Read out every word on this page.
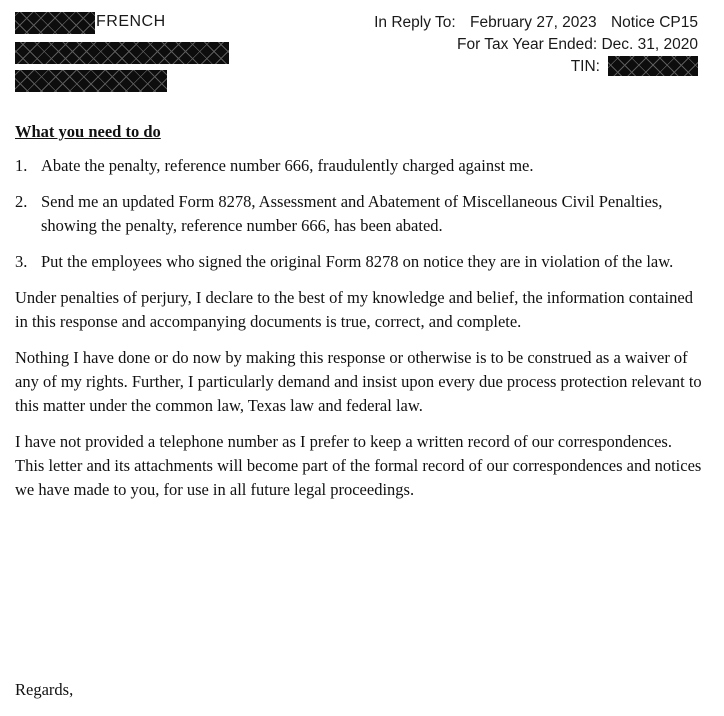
FRENCH	In Reply To: February 27, 2023 Notice CP15
For Tax Year Ended: Dec. 31, 2020
TIN:
What you need to do
1. Abate the penalty, reference number 666, fraudulently charged against me.
2. Send me an updated Form 8278, Assessment and Abatement of Miscellaneous Civil Penalties, showing the penalty, reference number 666, has been abated.
3. Put the employees who signed the original Form 8278 on notice they are in violation of the law.

Under penalties of perjury, I declare to the best of my knowledge and belief, the information contained in this response and accompanying documents is true, correct, and complete.

Nothing I have done or do now by making this response or otherwise is to be construed as a waiver of any of my rights. Further, I particularly demand and insist upon every due process protection relevant to this matter under the common law, Texas law and federal law.

I have not provided a telephone number as I prefer to keep a written record of our correspondences. This letter and its attachments will become part of the formal record of our correspondences and notices we have made to you, for use in all future legal proceedings.

Regards,
